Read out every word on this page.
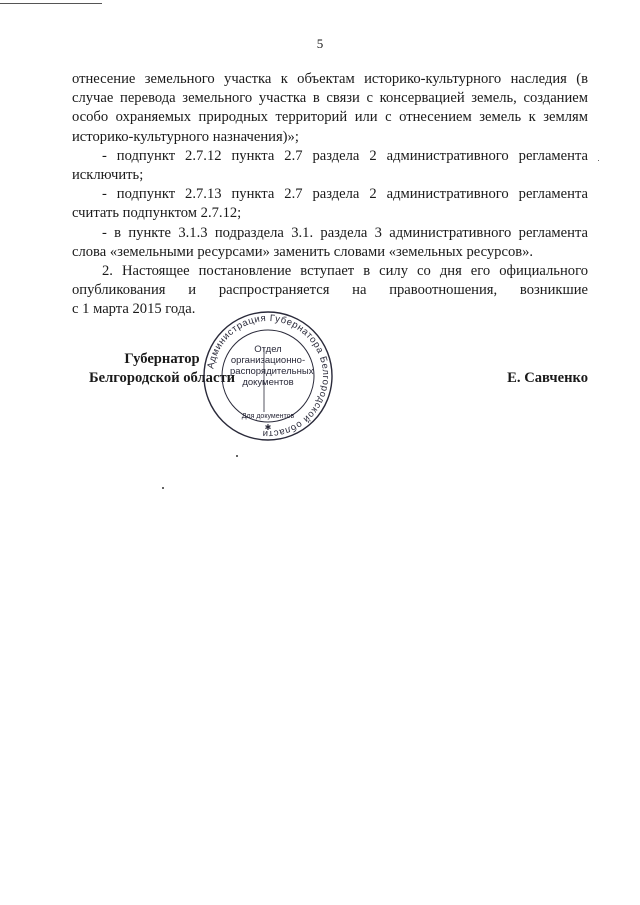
5

отнесение земельного участка к объектам историко-культурного наследия (в случае перевода земельного участка в связи с консервацией земель, созданием особо охраняемых природных территорий или с отнесением земель к землям историко-культурного назначения)»;

- подпункт 2.7.12 пункта 2.7 раздела 2 административного регламента исключить;

- подпункт 2.7.13 пункта 2.7 раздела 2 административного регламента считать подпунктом 2.7.12;

- в пункте 3.1.3 подраздела 3.1. раздела 3 административного регламента слова «земельными ресурсами» заменить словами «земельных ресурсов».

2. Настоящее постановление вступает в силу со дня его официального опубликования и распространяется на правоотношения, возникшие

с 1 марта 2015 года.

Губернатор
Белгородской области	Е. Савченко
Администрация Губернатора Белгородской области
Для документов
✱
Отдел
организационно-
распорядительных
документов
